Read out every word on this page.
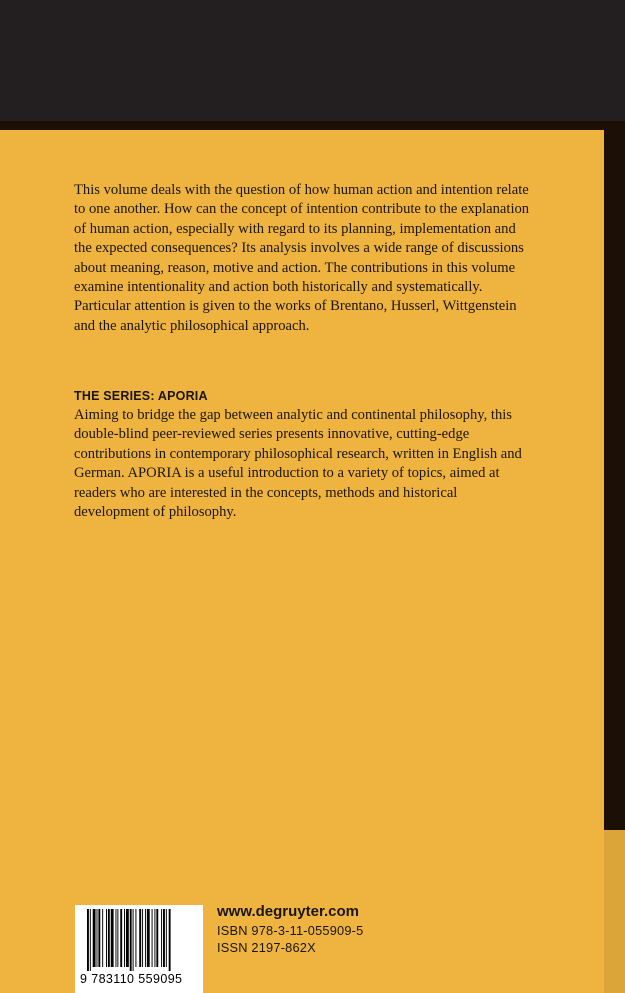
This volume deals with the question of how human action and intention relate to one another. How can the concept of intention contribute to the explanation of human action, especially with regard to its planning, implementation and the expected consequences? Its analysis involves a wide range of discussions about meaning, reason, motive and action. The contributions in this volume examine intentionality and action both historically and systematically. Particular attention is given to the works of Brentano, Husserl, Wittgenstein and the analytic philosophical approach.

THE SERIES: APORIA

Aiming to bridge the gap between analytic and continental philosophy, this double-blind peer-reviewed series presents innovative, cutting-edge contributions in contemporary philosophical research, written in English and German. APORIA is a useful introduction to a variety of topics, aimed at readers who are interested in the concepts, methods and historical development of philosophy.

9 783110 559095

www.degruyter.com

ISBN 978-3-11-055909-5

ISSN 2197-862X
